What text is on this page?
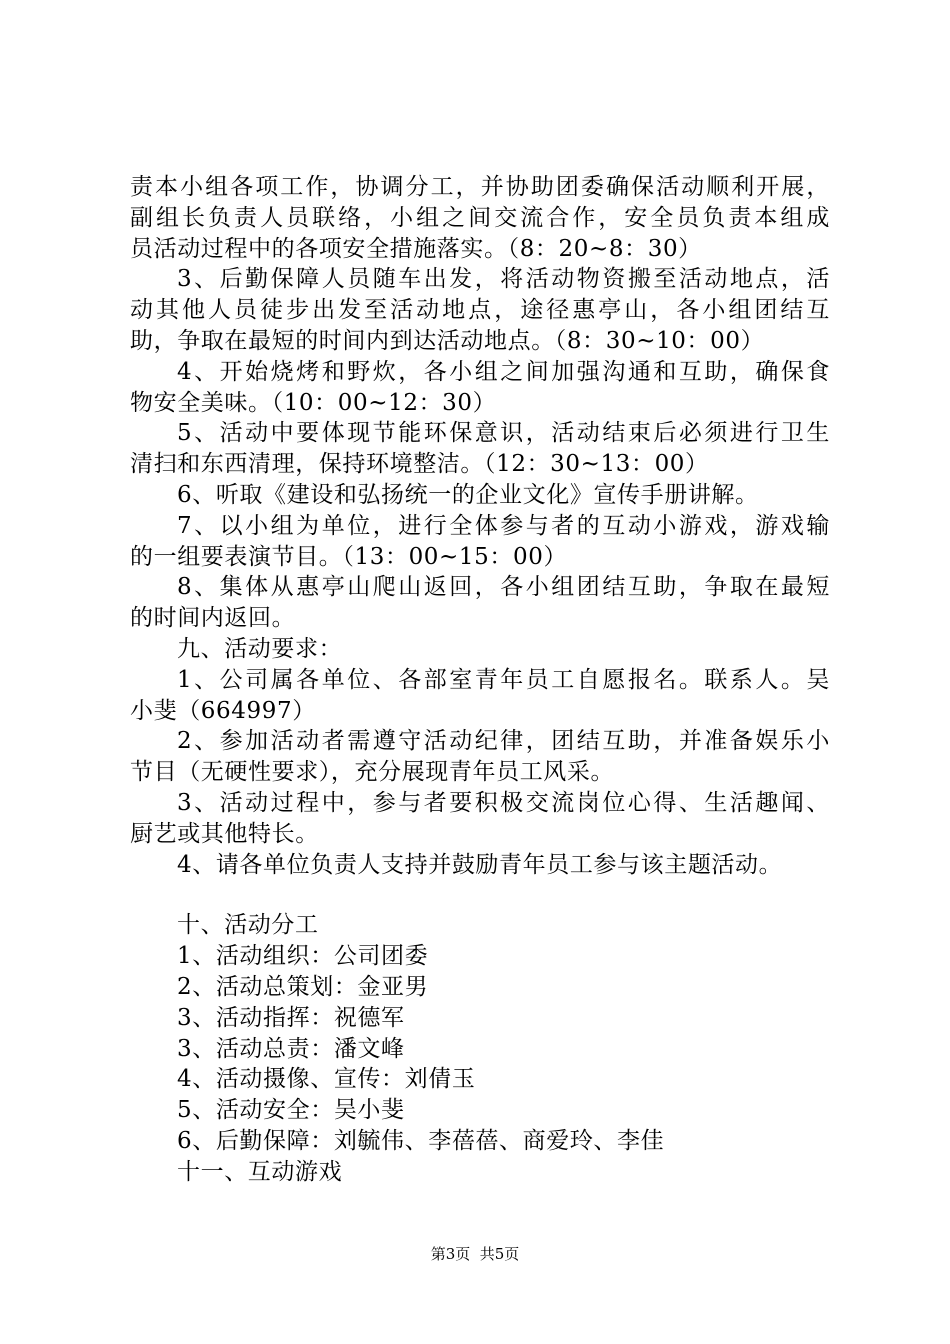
责本小组各项工作，协调分工，并协助团委确保活动顺利开展，
副组长负责人员联络，小组之间交流合作，安全员负责本组成
员活动过程中的各项安全措施落实。（8：20~8：30）
3、后勤保障人员随车出发，将活动物资搬至活动地点，活
动其他人员徒步出发至活动地点，途径惠亭山，各小组团结互
助，争取在最短的时间内到达活动地点。（8：30~10：00）
4、开始烧烤和野炊，各小组之间加强沟通和互助，确保食
物安全美味。（10：00~12：30）
5、活动中要体现节能环保意识，活动结束后必须进行卫生
清扫和东西清理，保持环境整洁。（12：30~13：00）
6、听取《建设和弘扬统一的企业文化》宣传手册讲解。
7、以小组为单位，进行全体参与者的互动小游戏，游戏输
的一组要表演节目。（13：00~15：00）
8、集体从惠亭山爬山返回，各小组团结互助，争取在最短
的时间内返回。
九、活动要求：
1、公司属各单位、各部室青年员工自愿报名。联系人。吴
小斐（664997）
2、参加活动者需遵守活动纪律，团结互助，并准备娱乐小
节目（无硬性要求），充分展现青年员工风采。
3、活动过程中，参与者要积极交流岗位心得、生活趣闻、
厨艺或其他特长。
4、请各单位负责人支持并鼓励青年员工参与该主题活动。
十、活动分工
1、活动组织：公司团委
2、活动总策划：金亚男
3、活动指挥：祝德军
3、活动总责：潘文峰
4、活动摄像、宣传：刘倩玉
5、活动安全：吴小斐
6、后勤保障：刘毓伟、李蓓蓓、商爱玲、李佳
十一、互动游戏
第3页  共5页
